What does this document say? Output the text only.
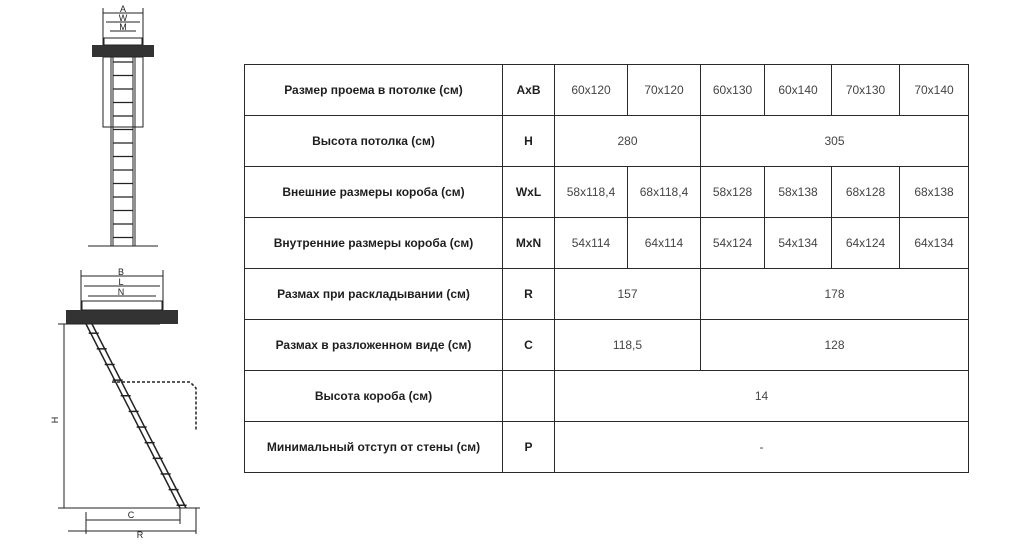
A
W
M
B
L
N
H
C
R
Размер проема в потолке (см)	AxB	60x120	70x120	60x130	60x140	70x130	70x140
Высота потолка (см)	H	280		305			
Внешние размеры короба (см)	WxL	58x118,4	68x118,4	58x128	58x138	68x128	68x138
Внутренние размеры короба (см)	MxN	54x114	64x114	54x124	54x134	64x124	64x134
Размах при раскладывании (см)	R	157		178			
Размах в разложенном виде (см)	C	118,5		128			
Высота короба (см)		14					
Минимальный отступ от стены (см)	P	-					
